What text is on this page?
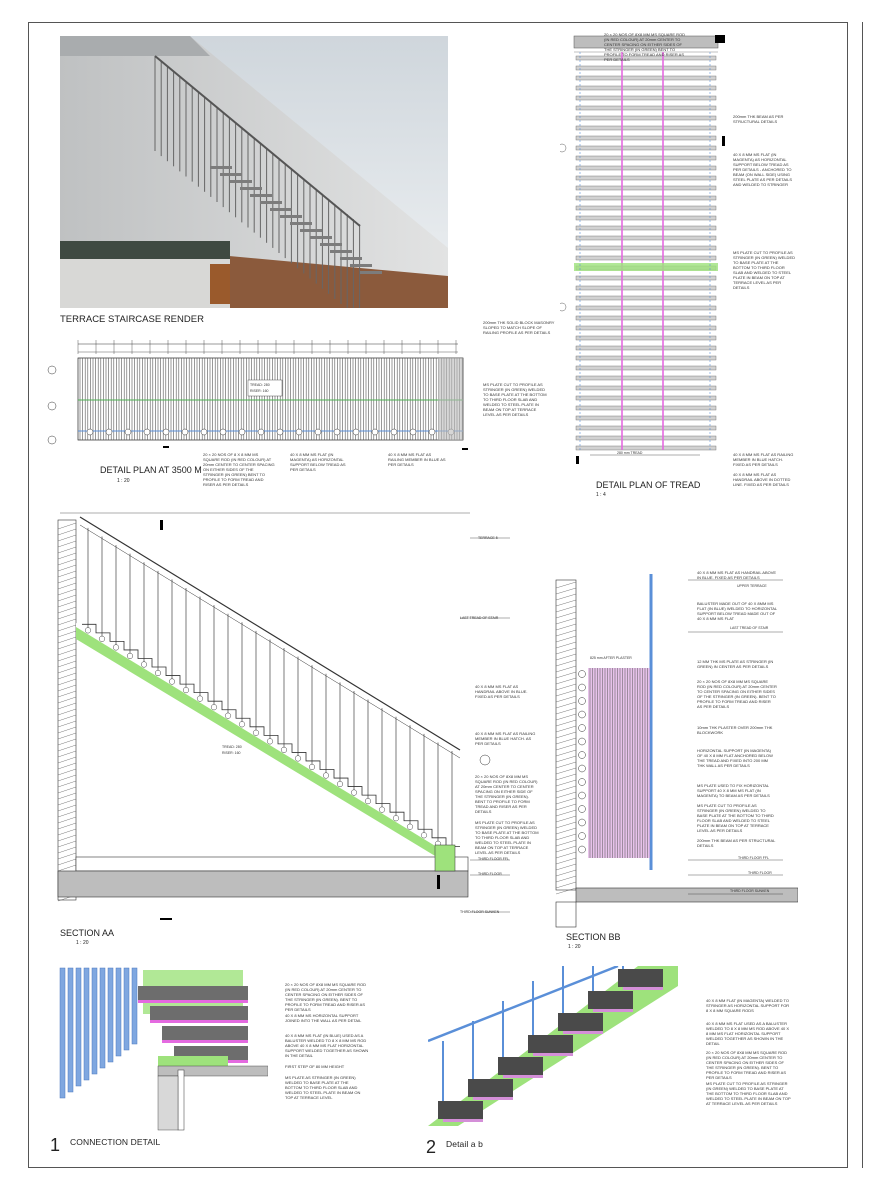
TERRACE STAIRCASE RENDER
TREAD: 280
RISER: 160
DETAIL PLAN AT 3500 M
1 : 20
200mm THK SOLID BLOCK MASONRY SLOPED TO MATCH SLOPE OF RAILING PROFILE AS PER DETAILS
MS PLATE CUT TO PROFILE AS STRINGER (IN GREEN) WELDED TO BASE PLATE AT THE BOTTOM TO THIRD FLOOR SLAB AND WELDED TO STEEL PLATE IN BEAM ON TOP AT TERRACE LEVEL AS PER DETAILS
20 × 20 NOS OF 8 X 8 MM MS SQUARE ROD (IN RED COLOUR) AT 20mm CENTER TO CENTER SPACING ON EITHER SIDES OF THE STRINGER (IN GREEN) BENT TO PROFILE TO FORM TREAD AND RISER AS PER DETAILS
40 X 8 MM MS FLAT (IN MAGENTA) AS HORIZONTAL SUPPORT BELOW TREAD AS PER DETAILS
40 X 8 MM MS FLAT AS RAILING MEMBER IN BLUE AS PER DETAILS
280 mm TREAD
20 × 20 NOS OF 8X8 MM MS SQUARE ROD (IN RED COLOUR) AT 20mm CENTER TO CENTER SPACING ON EITHER SIDES OF THE STRINGER (IN GREEN) BENT TO PROFILE TO FORM TREAD AND RISER AS PER DETAILS
200mm THK BEAM AS PER STRUCTURAL DETAILS
40 X 8 MM MS FLAT (IN MAGENTA) AS HORIZONTAL SUPPORT BELOW TREAD AS PER DETAILS - ANCHORED TO BEAM (ON WALL SIDE) USING STEEL PLATE AS PER DETAILS AND WELDED TO STRINGER
MS PLATE CUT TO PROFILE AS STRINGER (IN GREEN) WELDED TO BASE PLATE AT THE BOTTOM TO THIRD FLOOR SLAB AND WELDED TO STEEL PLATE IN BEAM ON TOP AT TERRACE LEVEL AS PER DETAILS
40 X 8 MM MS FLAT AS RAILING MEMBER IN BLUE HATCH. FIXED AS PER DETAILS
40 X 8 MM MS FLAT AS HANDRAIL ABOVE IN DOTTED LINE. FIXED AS PER DETAILS
DETAIL PLAN OF TREAD
1 : 4
TREAD: 280
RISER: 160
TERRACE 5
LAST TREAD OF STAIR
THIRD FLOOR FFL
THIRD FLOOR
THIRD FLOOR SUNKEN
40 X 8 MM MS FLAT AS HANDRAIL ABOVE IN BLUE. FIXED AS PER DETAILS
40 X 8 MM MS FLAT AS RAILING MEMBER IN BLUE HATCH. AS PER DETAILS
20 × 20 NOS OF 8X8 MM MS SQUARE ROD (IN RED COLOUR) AT 20mm CENTER TO CENTER SPACING ON EITHER SIDE OF THE STRINGER (IN GREEN). BENT TO PROFILE TO FORM TREAD AND RISER AS PER DETAILS
MS PLATE CUT TO PROFILE AS STRINGER (IN GREEN) WELDED TO BASE PLATE AT THE BOTTOM TO THIRD FLOOR SLAB AND WELDED TO STEEL PLATE IN BEAM ON TOP AT TERRACE LEVEL AS PER DETAILS
SECTION AA
1 : 20
825 mm AFTER PLASTER
UPPER TERRACE
LAST TREAD OF STAIR
THIRD FLOOR FFL
THIRD FLOOR
THIRD FLOOR SUNKEN
40 X 8 MM MS FLAT AS HANDRAIL ABOVE IN BLUE. FIXED AS PER DETAILS
BALUSTER MADE OUT OF 40 X 8MM MS FLAT (IN BLUE) WELDED TO HORIZONTAL SUPPORT BELOW TREAD MADE OUT OF 40 X 8 MM MS FLAT
12 MM THK MS PLATE AS STRINGER (IN GREEN) IN CENTER AS PER DETAILS
20 × 20 NOS OF 8X8 MM MS SQUARE ROD (IN RED COLOUR) AT 20mm CENTER TO CENTER SPACING ON EITHER SIDES OF THE STRINGER (IN GREEN). BENT TO PROFILE TO FORM TREAD AND RISER AS PER DETAILS
10mm THK PLASTER OVER 200mm THK BLOCKWORK
HORIZONTAL SUPPORT (IN MAGENTA) OF 40 X 8 MM FLAT ANCHORED BELOW THE TREAD AND FIXED INTO 200 MM THK WALL AS PER DETAILS
MS PLATE USED TO FIX HORIZONTAL SUPPORT 40 X 8 MM MS FLAT (IN MAGENTA) TO BEAM AS PER DETAILS
MS PLATE CUT TO PROFILE AS STRINGER (IN GREEN) WELDED TO BASE PLATE AT THE BOTTOM TO THIRD FLOOR SLAB AND WELDED TO STEEL PLATE IN BEAM ON TOP AT TERRACE LEVEL AS PER DETAILS
200mm THK BEAM AS PER STRUCTURAL DETAILS
SECTION BB
1 : 20
1 CONNECTION DETAIL
20 × 20 NOS OF 8X8 MM MS SQUARE ROD (IN RED COLOUR) AT 20mm CENTER TO CENTER SPACING ON EITHER SIDES OF THE STRINGER (IN GREEN). BENT TO PROFILE TO FORM TREAD AND RISER AS PER DETAILS
40 X 8 MM MS HORIZONTAL SUPPORT JOINED INTO THE WALL AS PER DETAIL
40 X 8 MM MS FLAT (IN BLUE) USED AS A BALUSTER WELDED TO 8 X 8 MM MS ROD ABOVE 40 X 8 MM MS FLAT HORIZONTAL SUPPORT WELDED TOGETHER AS SHOWN IN THE DETAIL
FIRST STEP OF 80 MM HEIGHT
MS PLATE AS STRINGER (IN GREEN) WELDED TO BASE PLATE AT THE BOTTOM TO THIRD FLOOR SLAB AND WELDED TO STEEL PLATE IN BEAM ON TOP AT TERRACE LEVEL
2 Detail a b
40 X 8 MM FLAT (IN MAGENTA) WELDED TO STRINGER AS HORIZONTAL SUPPORT FOR 8 X 8 MM SQUARE RODS
40 X 8 MM MS FLAT USED AS A BALUSTER WELDED TO 8 X 8 MM MS ROD ABOVE 40 X 8 MM MS FLAT HORIZONTAL SUPPORT WELDED TOGETHER AS SHOWN IN THE DETAIL
20 × 20 NOS OF 8X8 MM MS SQUARE ROD (IN RED COLOUR) AT 20mm CENTER TO CENTER SPACING ON EITHER SIDES OF THE STRINGER (IN GREEN). BENT TO PROFILE TO FORM TREAD AND RISER AS PER DETAILS
MS PLATE CUT TO PROFILE AS STRINGER (IN GREEN) WELDED TO BASE PLATE AT THE BOTTOM TO THIRD FLOOR SLAB AND WELDED TO STEEL PLATE IN BEAM ON TOP AT TERRACE LEVEL AS PER DETAILS
